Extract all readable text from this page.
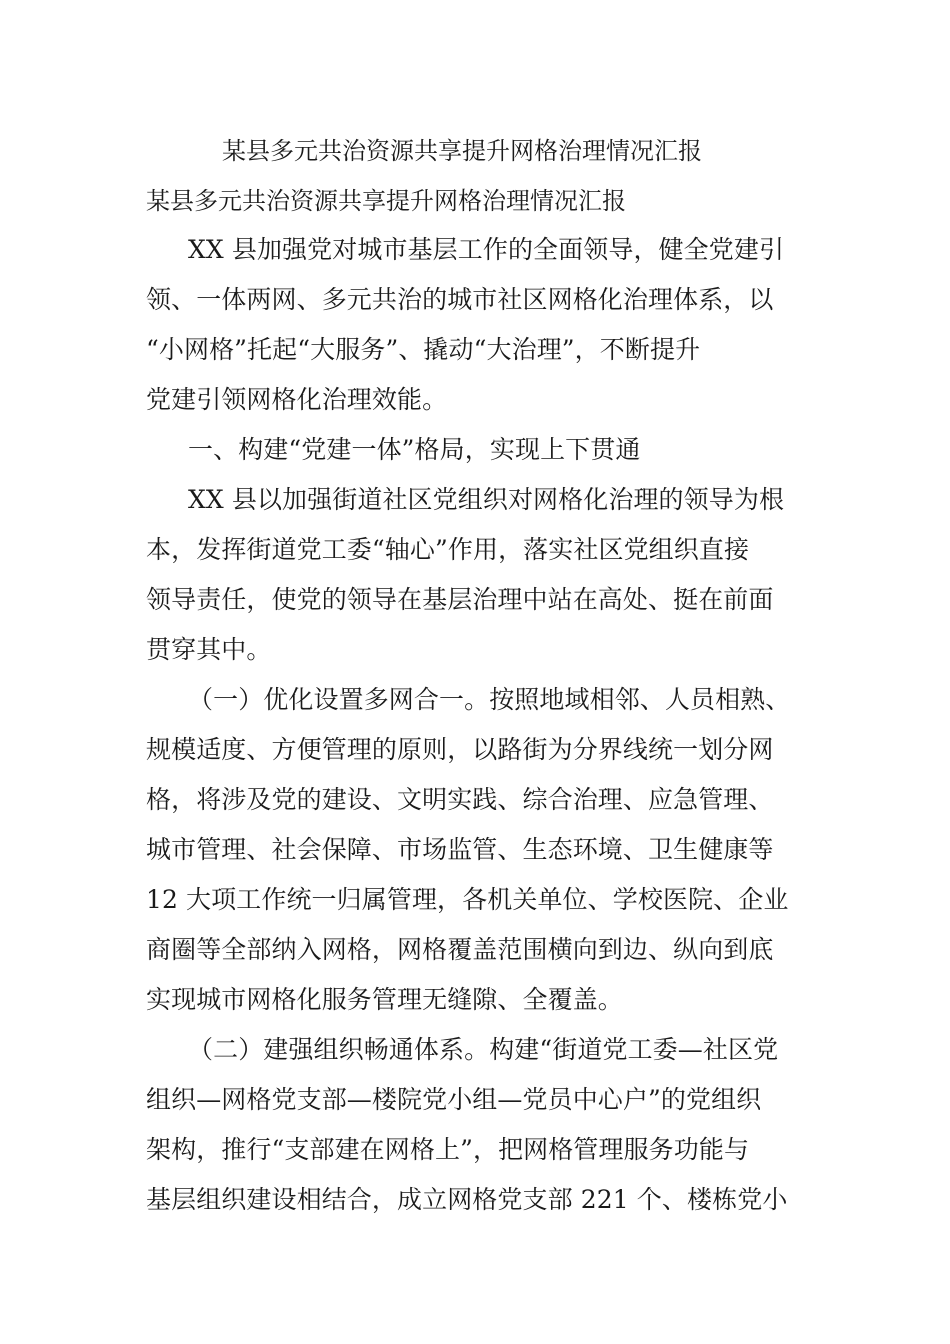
某县多元共治资源共享提升网格治理情况汇报
某县多元共治资源共享提升网格治理情况汇报
XX 县加强党对城市基层工作的全面领导，健全党建引
领、一体两网、多元共治的城市社区网格化治理体系，以
“小网格”托起“大服务”、撬动“大治理”，不断提升
党建引领网格化治理效能。
一、构建“党建一体”格局，实现上下贯通
XX 县以加强街道社区党组织对网格化治理的领导为根
本，发挥街道党工委“轴心”作用，落实社区党组织直接
领导责任，使党的领导在基层治理中站在高处、挺在前面
贯穿其中。
（一）优化设置多网合一。按照地域相邻、人员相熟、
规模适度、方便管理的原则，以路街为分界线统一划分网
格，将涉及党的建设、文明实践、综合治理、应急管理、
城市管理、社会保障、市场监管、生态环境、卫生健康等
12 大项工作统一归属管理，各机关单位、学校医院、企业
商圈等全部纳入网格，网格覆盖范围横向到边、纵向到底
实现城市网格化服务管理无缝隙、全覆盖。
（二）建强组织畅通体系。构建“街道党工委—社区党
组织—网格党支部—楼院党小组—党员中心户”的党组织
架构，推行“支部建在网格上”，把网格管理服务功能与
基层组织建设相结合，成立网格党支部 221 个、楼栋党小
